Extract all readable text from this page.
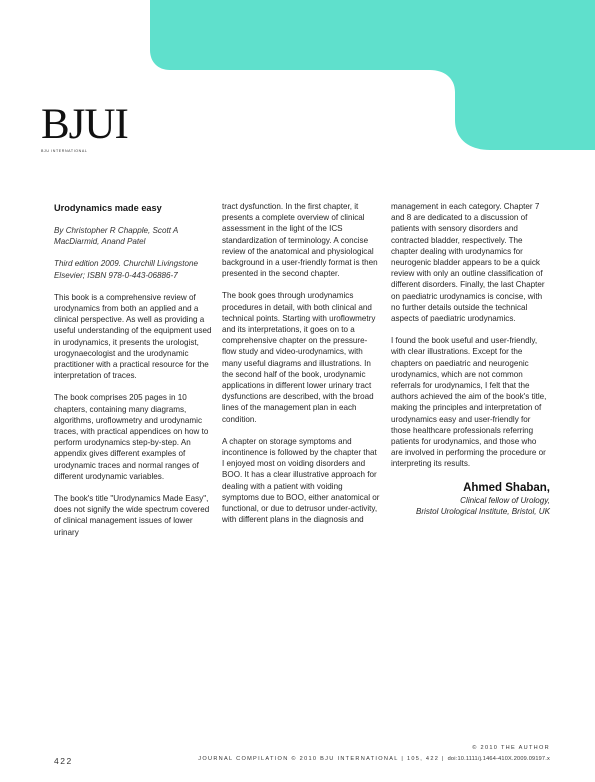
BJUI
BJU INTERNATIONAL
Book reviews

Urodynamics made easy

By Christopher R Chapple, Scott A MacDiarmid, Anand Patel

Third edition 2009. Churchill Livingstone Elsevier; ISBN 978-0-443-06886-7

This book is a comprehensive review of urodynamics from both an applied and a clinical perspective. As well as providing a useful understanding of the equipment used in urodynamics, it presents the urologist, urogynaecologist and the urodynamic practitioner with a practical resource for the interpretation of traces.

The book comprises 205 pages in 10 chapters, containing many diagrams, algorithms, uroflowmetry and urodynamic traces, with practical appendices on how to perform urodynamics step-by-step. An appendix gives different examples of urodynamic traces and normal ranges of different urodynamic variables.

The book's title "Urodynamics Made Easy", does not signify the wide spectrum covered of clinical management issues of lower urinary

tract dysfunction. In the first chapter, it presents a complete overview of clinical assessment in the light of the ICS standardization of terminology. A concise review of the anatomical and physiological background in a user-friendly format is then presented in the second chapter.

The book goes through urodynamics procedures in detail, with both clinical and technical points. Starting with uroflowmetry and its interpretations, it goes on to a comprehensive chapter on the pressure-flow study and video-urodynamics, with many useful diagrams and illustrations. In the second half of the book, urodynamic applications in different lower urinary tract dysfunctions are described, with the broad lines of the management plan in each condition.

A chapter on storage symptoms and incontinence is followed by the chapter that I enjoyed most on voiding disorders and BOO. It has a clear illustrative approach for dealing with a patient with voiding symptoms due to BOO, either anatomical or functional, or due to detrusor under-activity, with different plans in the diagnosis and

management in each category. Chapter 7 and 8 are dedicated to a discussion of patients with sensory disorders and contracted bladder, respectively. The chapter dealing with urodynamics for neurogenic bladder appears to be a quick review with only an outline classification of different disorders. Finally, the last Chapter on paediatric urodynamics is concise, with no further details outside the technical aspects of paediatric urodynamics.

I found the book useful and user-friendly, with clear illustrations. Except for the chapters on paediatric and neurogenic urodynamics, which are not common referrals for urodynamics, I felt that the authors achieved the aim of the book's title, making the principles and interpretation of urodynamics easy and user-friendly for those healthcare professionals referring patients for urodynamics, and those who are involved in performing the procedure or interpreting its results.

Ahmed Shaban,
Clinical fellow of Urology,
Bristol Urological Institute, Bristol, UK
422
© 2010 THE AUTHOR
JOURNAL COMPILATION © 2010 BJU INTERNATIONAL | 105, 422 | doi:10.1111/j.1464-410X.2009.09197.x
